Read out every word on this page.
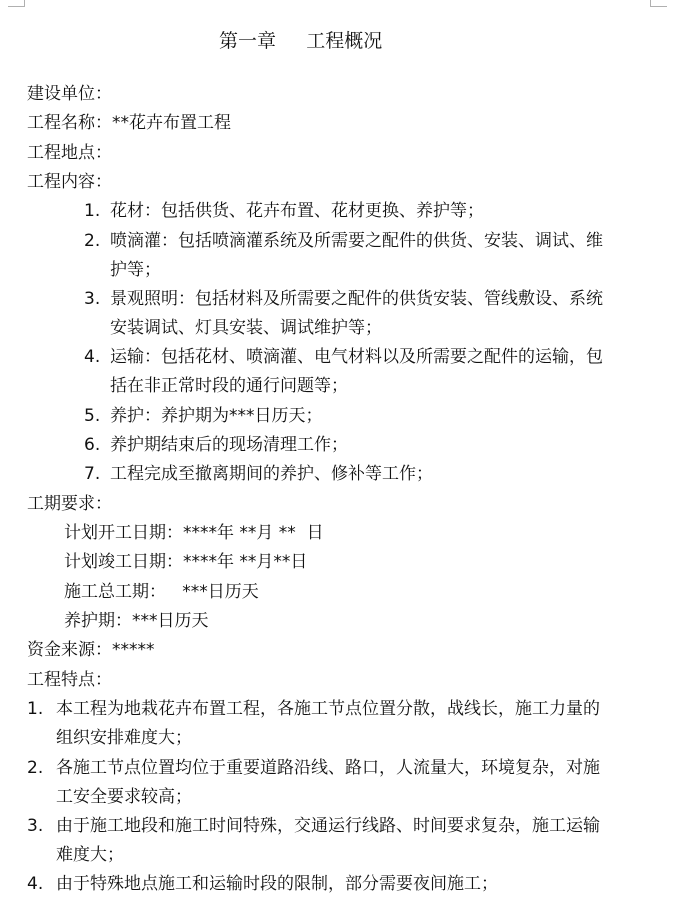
第一章     工程概况
建设单位：
工程名称：**花卉布置工程
工程地点：
工程内容：
1. 花材：包括供货、花卉布置、花材更换、养护等；
2. 喷滴灌：包括喷滴灌系统及所需要之配件的供货、安装、调试、维
护等；
3. 景观照明：包括材料及所需要之配件的供货安装、管线敷设、系统
安装调试、灯具安装、调试维护等；
4. 运输：包括花材、喷滴灌、电气材料以及所需要之配件的运输，包
括在非正常时段的通行问题等；
5. 养护：养护期为***日历天；
6. 养护期结束后的现场清理工作；
7. 工程完成至撤离期间的养护、修补等工作；
工期要求：
计划开工日期：****年 **月 **  日
计划竣工日期：****年 **月**日
施工总工期：   ***日历天
养护期：***日历天
资金来源：*****
工程特点：
1. 本工程为地栽花卉布置工程，各施工节点位置分散，战线长，施工力量的
组织安排难度大；
2. 各施工节点位置均位于重要道路沿线、路口，人流量大，环境复杂，对施
工安全要求较高；
3. 由于施工地段和施工时间特殊，交通运行线路、时间要求复杂，施工运输
难度大；
4. 由于特殊地点施工和运输时段的限制，部分需要夜间施工；
